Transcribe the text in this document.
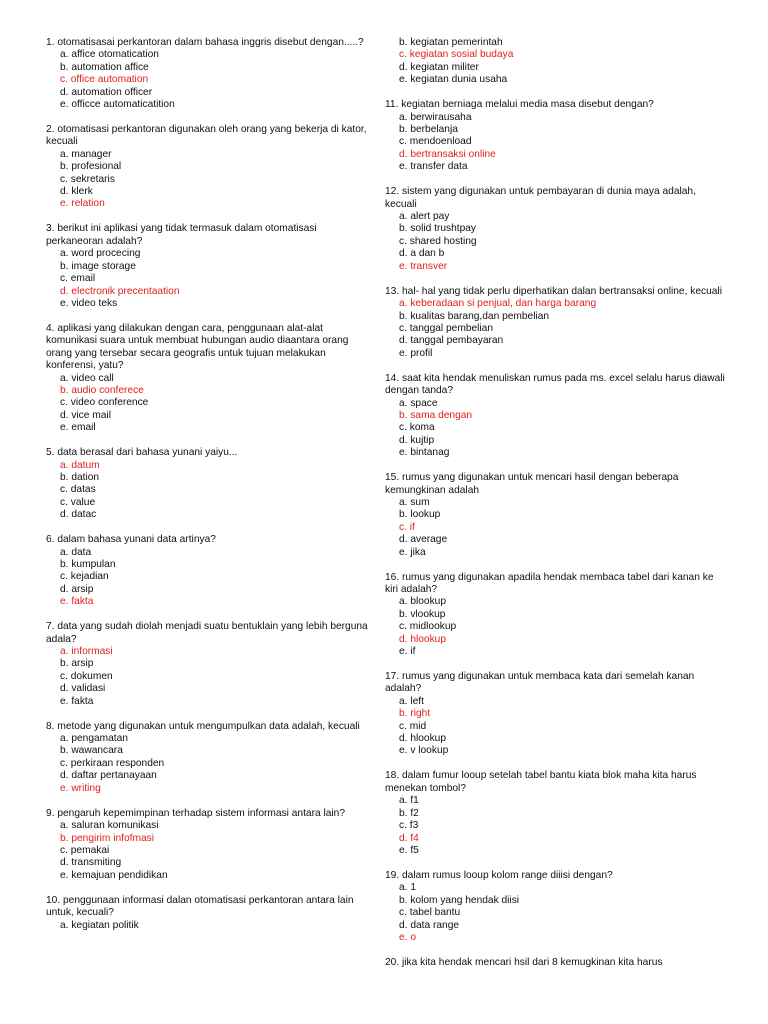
1. otomatisasai perkantoran dalam bahasa inggris disebut dengan.....?

a. affice otomatication
b. automation affice
c. office automation
d. automation officer
e. officce automaticatition

2. otomatisasi perkantoran digunakan oleh orang yang bekerja di kator, kecuali

a. manager
b. profesional
c. sekretaris
d. klerk
e. relation

3. berikut ini aplikasi yang tidak termasuk dalam otomatisasi perkaneoran adalah?

a. word procecing
b. image storage
c. email
d. electronik precentaation
e. video teks

4. aplikasi yang dilakukan dengan cara, penggunaan alat-alat komunikasi suara untuk membuat hubungan audio diaantara orang orang yang tersebar secara geografis untuk tujuan melakukan konferensi, yatu?

a. video call
b. audio conferece
c. video conference
d. vice mail
e. email

5. data berasal dari bahasa yunani yaiyu...

a. datum
b. dation
c. datas
c. value
d. datac

6. dalam bahasa yunani data artinya?

a. data
b. kumpulan
c. kejadian
d. arsip
e. fakta

7. data yang sudah diolah menjadi suatu bentuklain yang lebih berguna adala?

a. informasi
b. arsip
c. dokumen
d. validasi
e. fakta

8. metode yang digunakan untuk mengumpulkan data adalah, kecuali

a. pengamatan
b. wawancara
c. perkiraan responden
d. daftar pertanayaan
e. writing

9. pengaruh kepemimpinan terhadap sistem informasi antara lain?

a. saluran komunikasi
b. pengirim infofmasi
c. pemakai
d. transmiting
e. kemajuan pendidikan

10. penggunaan informasi dalan otomatisasi perkantoran antara lain untuk, kecuali?

a. kegiatan politik
b. kegiatan pemerintah
c. kegiatan sosial budaya
d. kegiatan militer
e. kegiatan dunia usaha

11. kegiatan berniaga melalui media masa disebut dengan?

a. berwirausaha
b. berbelanja
c. mendoenload
d. bertransaksi online
e. transfer data

12. sistem yang digunakan untuk pembayaran di dunia maya adalah, kecuali

a. alert pay
b. solid trushtpay
c. shared hosting
d. a dan b
e. transver

13. hal- hal yang tidak perlu diperhatikan dalan bertransaksi online, kecuali

a. keberadaan si penjual, dan harga barang
b. kualitas barang,dan pembelian
c. tanggal pembelian
d. tanggal pembayaran
e. profil

14. saat kita hendak menuliskan rumus pada ms. excel selalu harus diawali dengan tanda?

a. space
b. sama dengan
c. koma
d. kujtip
e. bintanag

15. rumus yang digunakan untuk mencari hasil dengan beberapa kemungkinan adalah

a. sum
b. lookup
c. if
d. average
e. jika

16. rumus yang digunakan apadila hendak membaca tabel dari kanan ke kiri adalah?

a. blookup
b. vlookup
c. midlookup
d. hlookup
e. if

17. rumus yang digunakan untuk membaca kata dari semelah kanan adalah?

a. left
b. right
c. mid
d. hlookup
e. v lookup

18. dalam fumur looup setelah tabel bantu kiata blok maha kita harus menekan tombol?

a. f1
b. f2
c. f3
d. f4
e. f5

19. dalam rumus looup kolom range diiisi dengan?

a. 1
b. kolom yang hendak diisi
c. tabel bantu
d. data range
e. o

20. jika kita hendak mencari hsil dari 8 kemugkinan kita harus
